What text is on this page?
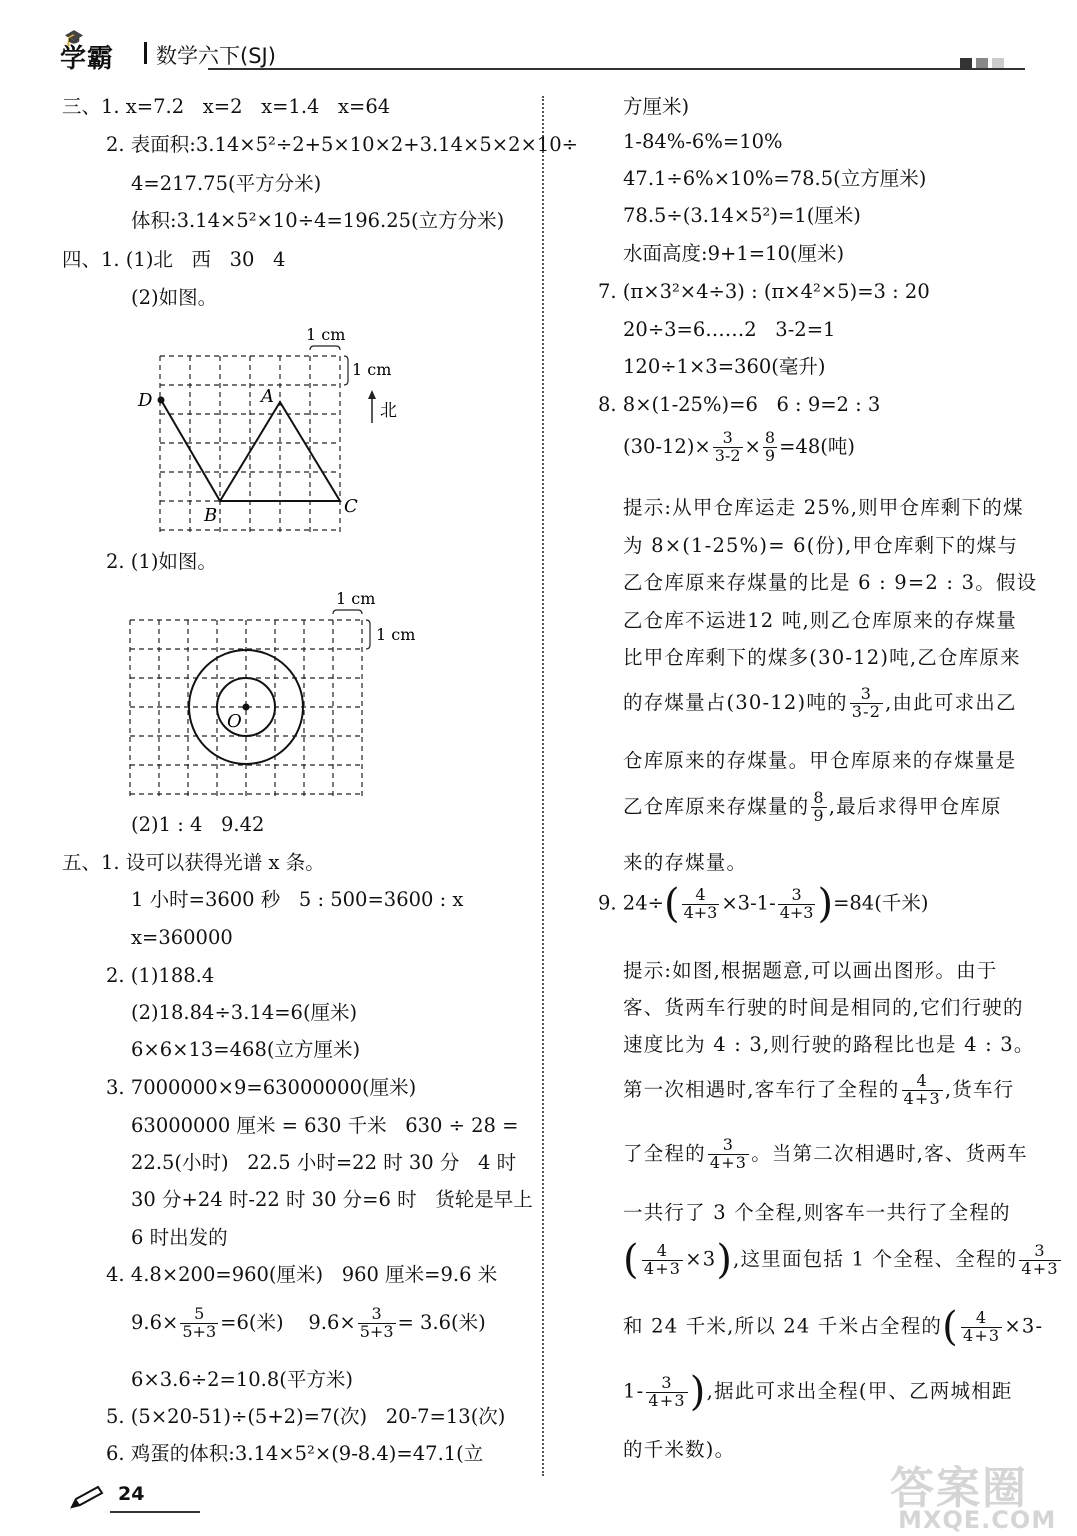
🎓
学霸 数学六下(SJ)
三、1. x=7.2   x=2   x=1.4   x=64
2. 表面积:3.14×5²÷2+5×10×2+3.14×5×2×10÷
4=217.75(平方分米)
体积:3.14×5²×10÷4=196.25(立方分米)
四、1. (1)北   西   30   4
(2)如图。
1 cm
1 cm
北
D	A
B	C
2. (1)如图。
1 cm
1 cm
O
(2)1 : 4   9.42
五、1. 设可以获得光谱 x 条。
1 小时=3600 秒   5 : 500=3600 : x
x=360000
2. (1)188.4
(2)18.84÷3.14=6(厘米)
6×6×13=468(立方厘米)
3. 7000000×9=63000000(厘米)
63000000 厘米 = 630 千米   630 ÷ 28 =
22.5(小时)   22.5 小时=22 时 30 分   4 时
30 分+24 时-22 时 30 分=6 时   货轮是早上
6 时出发的
4. 4.8×200=960(厘米)   960 厘米=9.6 米
$9.6\times \frac{5}{5+3} =6$(米)    $9.6\times \frac{3}{5+3} = 3.6$(米)
6×3.6÷2=10.8(平方米)
5. (5×20-51)÷(5+2)=7(次)   20-7=13(次)
6. 鸡蛋的体积:3.14×5²×(9-8.4)=47.1(立
方厘米)
1-84%-6%=10%
47.1÷6%×10%=78.5(立方厘米)
78.5÷(3.14×5²)=1(厘米)
水面高度:9+1=10(厘米)
7. (π×3²×4÷3) : (π×4²×5)=3 : 20
20÷3=6……2   3-2=1
120÷1×3=360(毫升)
8. 8×(1-25%)=6   6 : 9=2 : 3
$(30-12)\times \frac{3}{3-2} \times \frac{8}{9} =48$(吨)
提示:从甲仓库运走 25%,则甲仓库剩下的煤
为 8×(1-25%)= 6(份),甲仓库剩下的煤与
乙仓库原来存煤量的比是 6 : 9=2 : 3。假设
乙仓库不运进12 吨,则乙仓库原来的存煤量
比甲仓库剩下的煤多(30-12)吨,乙仓库原来
的存煤量占(30-12)吨的 $\frac{3}{3-2}$ ,由此可求出乙
仓库原来的存煤量。甲仓库原来的存煤量是
乙仓库原来存煤量的 $\frac{8}{9}$ ,最后求得甲仓库原
来的存煤量。
9. $24\div( \frac{4}{4+3} \times 3-1- \frac{3}{4+3} )=84$(千米)
提示:如图,根据题意,可以画出图形。由于
客、货两车行驶的时间是相同的,它们行驶的
速度比为 4 : 3,则行驶的路程比也是 4 : 3。
第一次相遇时,客车行了全程的 $\frac{4}{4+3}$ ,货车行
了全程的 $\frac{3}{4+3}$ 。当第二次相遇时,客、货两车
一共行了 3 个全程,则客车一共行了全程的
( $\frac{4}{4+3} \times 3$),这里面包括 1 个全程、全程的 $\frac{3}{4+3}$
和 24 千米,所以 24 千米占全程的( $\frac{4}{4+3} \times 3-$
$1- \frac{3}{4+3}$ ),据此可求出全程(甲、乙两城相距
的千米数)。
24	答案圈
MXQE.COM
